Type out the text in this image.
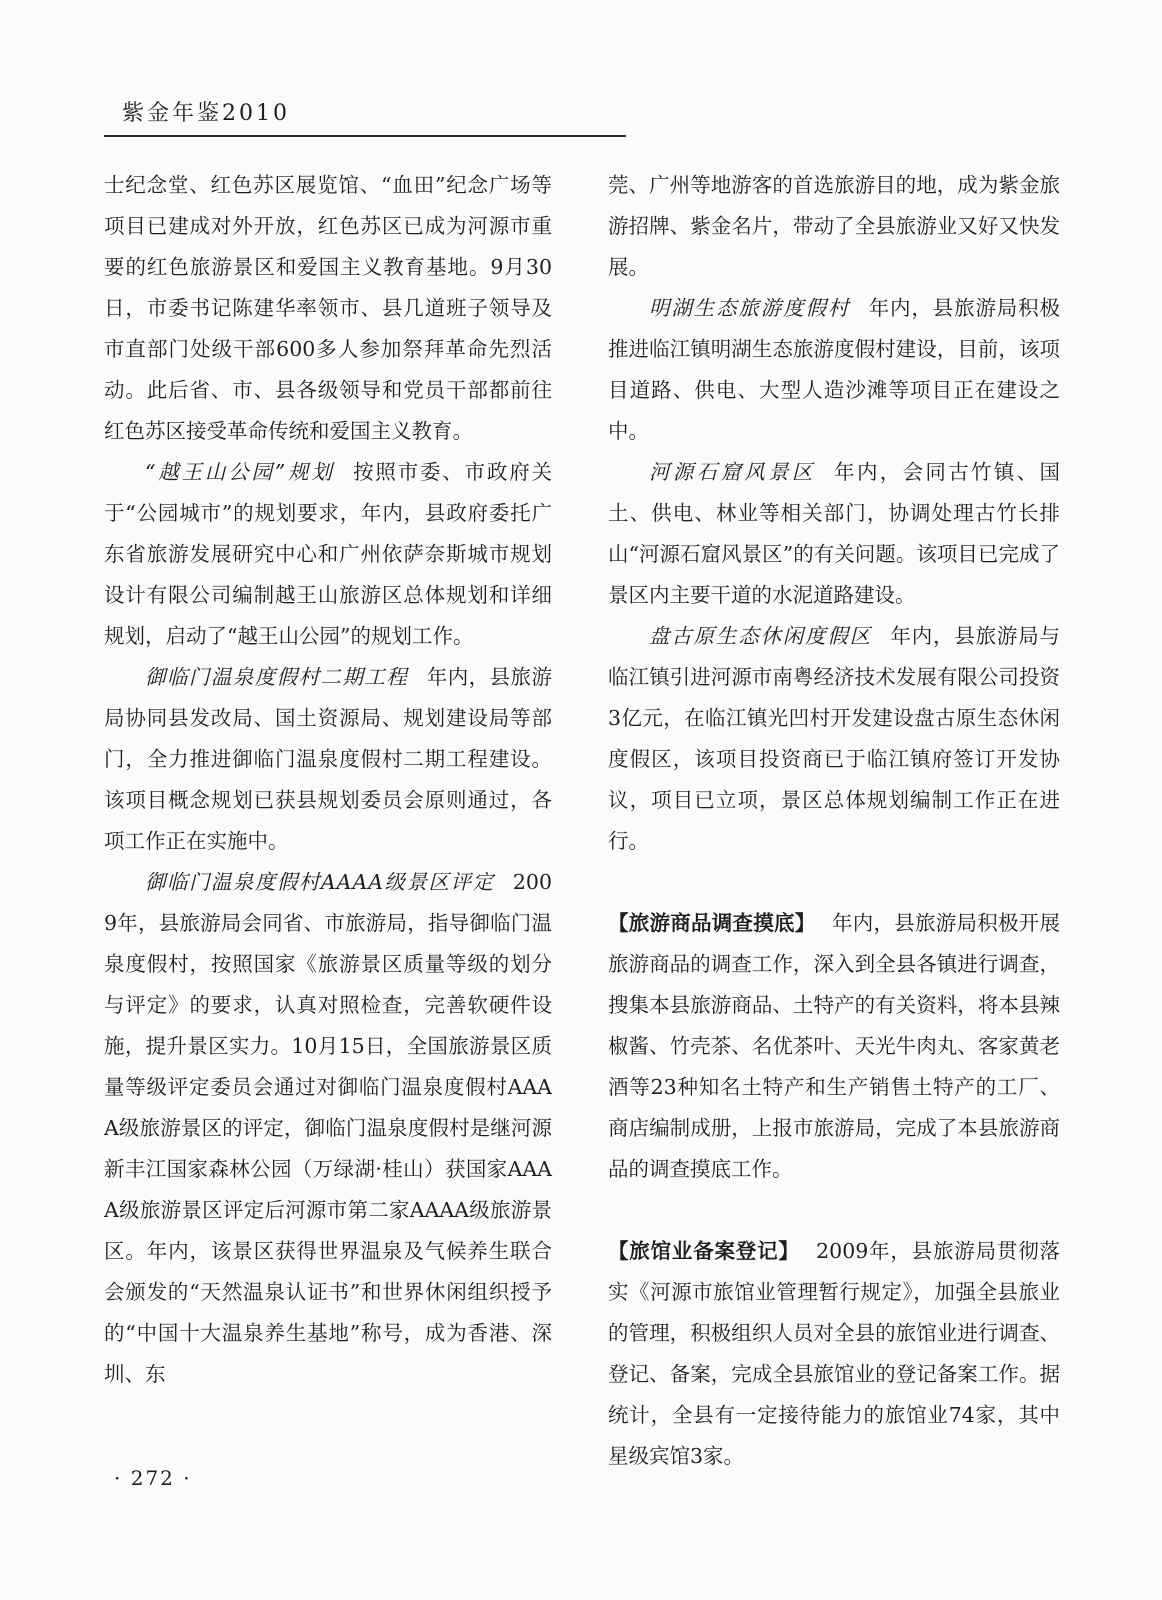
紫金年鉴2010

士纪念堂、红色苏区展览馆、“血田”纪念广场等项目已建成对外开放，红色苏区已成为河源市重要的红色旅游景区和爱国主义教育基地。9月30日，市委书记陈建华率领市、县几道班子领导及市直部门处级干部600多人参加祭拜革命先烈活动。此后省、市、县各级领导和党员干部都前往红色苏区接受革命传统和爱国主义教育。

“越王山公园”规划 按照市委、市政府关于“公园城市”的规划要求，年内，县政府委托广东省旅游发展研究中心和广州依萨奈斯城市规划设计有限公司编制越王山旅游区总体规划和详细规划，启动了“越王山公园”的规划工作。

御临门温泉度假村二期工程 年内，县旅游局协同县发改局、国土资源局、规划建设局等部门，全力推进御临门温泉度假村二期工程建设。该项目概念规划已获县规划委员会原则通过，各项工作正在实施中。

御临门温泉度假村AAAA级景区评定 2009年，县旅游局会同省、市旅游局，指导御临门温泉度假村，按照国家《旅游景区质量等级的划分与评定》的要求，认真对照检查，完善软硬件设施，提升景区实力。10月15日，全国旅游景区质量等级评定委员会通过对御临门温泉度假村AAAA级旅游景区的评定，御临门温泉度假村是继河源新丰江国家森林公园（万绿湖·桂山）获国家AAAA级旅游景区评定后河源市第二家AAAA级旅游景区。年内，该景区获得世界温泉及气候养生联合会颁发的“天然温泉认证书”和世界休闲组织授予的“中国十大温泉养生基地”称号，成为香港、深圳、东

莞、广州等地游客的首选旅游目的地，成为紫金旅游招牌、紫金名片，带动了全县旅游业又好又快发展。

明湖生态旅游度假村 年内，县旅游局积极推进临江镇明湖生态旅游度假村建设，目前，该项目道路、供电、大型人造沙滩等项目正在建设之中。

河源石窟风景区 年内，会同古竹镇、国土、供电、林业等相关部门，协调处理古竹长排山“河源石窟风景区”的有关问题。该项目已完成了景区内主要干道的水泥道路建设。

盘古原生态休闲度假区 年内，县旅游局与临江镇引进河源市南粤经济技术发展有限公司投资3亿元，在临江镇光凹村开发建设盘古原生态休闲度假区，该项目投资商已于临江镇府签订开发协议，项目已立项，景区总体规划编制工作正在进行。

【旅游商品调查摸底】 年内，县旅游局积极开展旅游商品的调查工作，深入到全县各镇进行调查，搜集本县旅游商品、土特产的有关资料，将本县辣椒酱、竹壳茶、名优茶叶、天光牛肉丸、客家黄老酒等23种知名土特产和生产销售土特产的工厂、商店编制成册，上报市旅游局，完成了本县旅游商品的调查摸底工作。

【旅馆业备案登记】 2009年，县旅游局贯彻落实《河源市旅馆业管理暂行规定》，加强全县旅业的管理，积极组织人员对全县的旅馆业进行调查、登记、备案，完成全县旅馆业的登记备案工作。据统计，全县有一定接待能力的旅馆业74家，其中星级宾馆3家。

· 272 ·
